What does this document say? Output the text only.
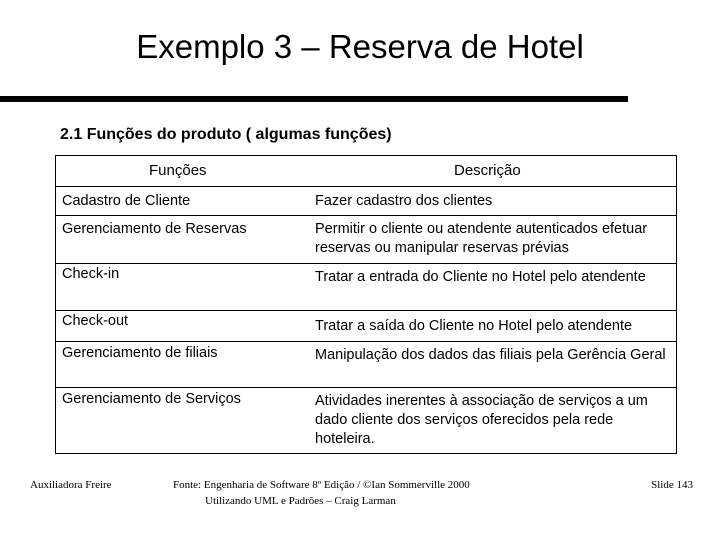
Exemplo 3 – Reserva de Hotel
2.1 Funções do produto ( algumas funções)
Funções	Descrição
Cadastro de Cliente	Fazer cadastro dos clientes
Gerenciamento de Reservas	Permitir o cliente ou atendente autenticados efetuar reservas ou manipular reservas prévias
Check-in	Tratar a entrada do Cliente no Hotel pelo atendente
Check-out	Tratar a saída do Cliente no Hotel pelo atendente
Gerenciamento de filiais	Manipulação dos dados das filiais pela Gerência Geral
Gerenciamento de Serviços	Atividades inerentes à associação de serviços a um dado cliente dos serviços oferecidos pela rede hoteleira.
Auxiliadora Freire	Fonte: Engenharia de Software 8º Edição / ©Ian Sommerville 2000
Utilizando UML e Padrões – Craig Larman
Slide 143
